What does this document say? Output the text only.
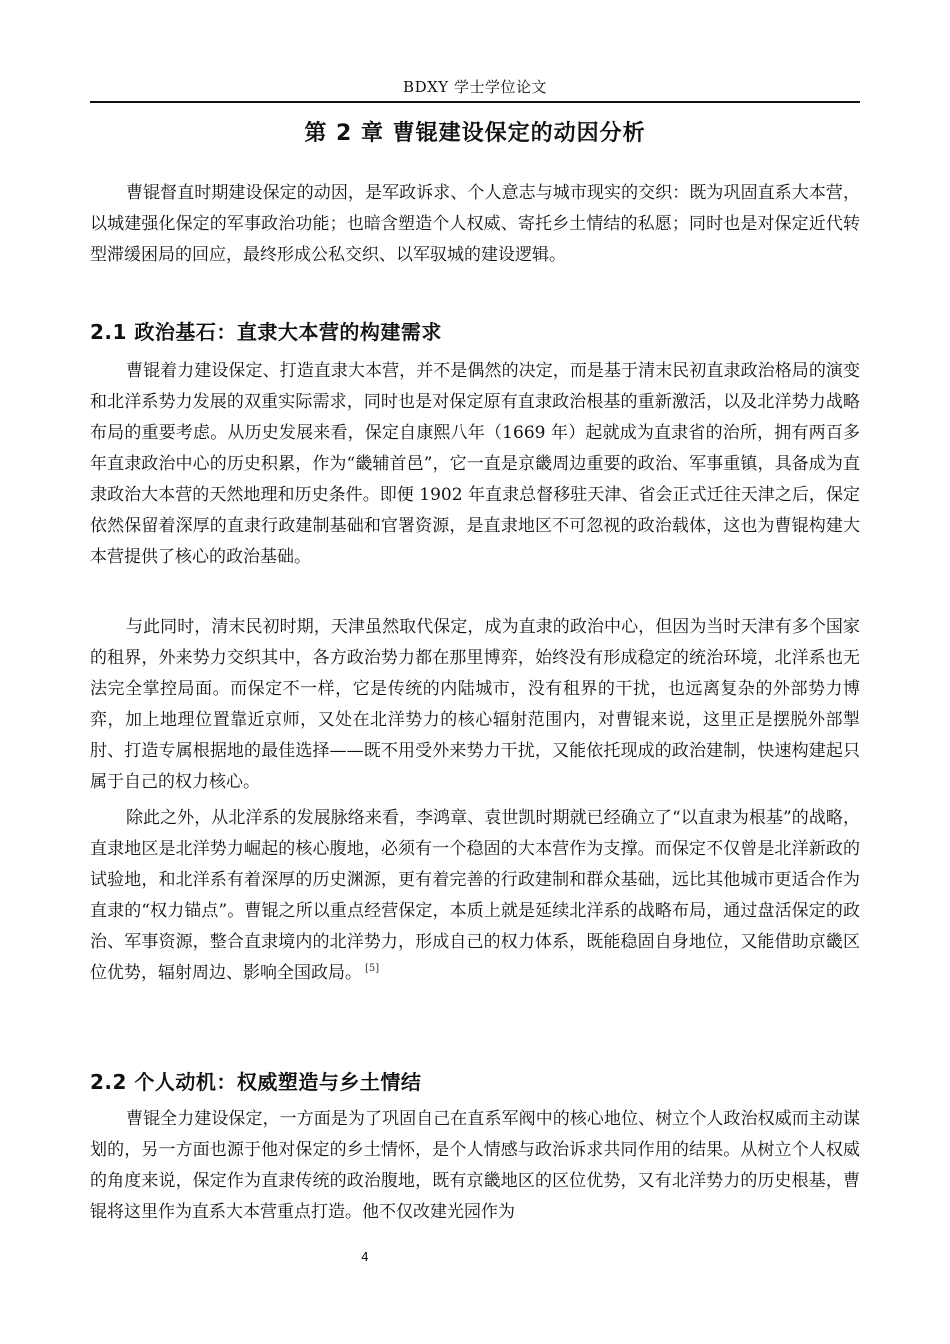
BDXY 学士学位论文
第 2 章 曹锟建设保定的动因分析

曹锟督直时期建设保定的动因，是军政诉求、个人意志与城市现实的交织：既为巩固直系大本营，以城建强化保定的军事政治功能；也暗含塑造个人权威、寄托乡土情结的私愿；同时也是对保定近代转型滞缓困局的回应，最终形成公私交织、以军驭城的建设逻辑。

2.1 政治基石：直隶大本营的构建需求

曹锟着力建设保定、打造直隶大本营，并不是偶然的决定，而是基于清末民初直隶政治格局的演变和北洋系势力发展的双重实际需求，同时也是对保定原有直隶政治根基的重新激活，以及北洋势力战略布局的重要考虑。从历史发展来看，保定自康熙八年（1669 年）起就成为直隶省的治所，拥有两百多年直隶政治中心的历史积累，作为“畿辅首邑”，它一直是京畿周边重要的政治、军事重镇，具备成为直隶政治大本营的天然地理和历史条件。即便 1902 年直隶总督移驻天津、省会正式迁往天津之后，保定依然保留着深厚的直隶行政建制基础和官署资源，是直隶地区不可忽视的政治载体，这也为曹锟构建大本营提供了核心的政治基础。

与此同时，清末民初时期，天津虽然取代保定，成为直隶的政治中心，但因为当时天津有多个国家的租界，外来势力交织其中，各方政治势力都在那里博弈，始终没有形成稳定的统治环境，北洋系也无法完全掌控局面。而保定不一样，它是传统的内陆城市，没有租界的干扰，也远离复杂的外部势力博弈，加上地理位置靠近京师，又处在北洋势力的核心辐射范围内，对曹锟来说，这里正是摆脱外部掣肘、打造专属根据地的最佳选择——既不用受外来势力干扰，又能依托现成的政治建制，快速构建起只属于自己的权力核心。

除此之外，从北洋系的发展脉络来看，李鸿章、袁世凯时期就已经确立了“以直隶为根基”的战略，直隶地区是北洋势力崛起的核心腹地，必须有一个稳固的大本营作为支撑。而保定不仅曾是北洋新政的试验地，和北洋系有着深厚的历史渊源，更有着完善的行政建制和群众基础，远比其他城市更适合作为直隶的“权力锚点”。曹锟之所以重点经营保定，本质上就是延续北洋系的战略布局，通过盘活保定的政治、军事资源，整合直隶境内的北洋势力，形成自己的权力体系，既能稳固自身地位，又能借助京畿区位优势，辐射周边、影响全国政局。 [5]

2.2 个人动机：权威塑造与乡土情结

曹锟全力建设保定，一方面是为了巩固自己在直系军阀中的核心地位、树立个人政治权威而主动谋划的，另一方面也源于他对保定的乡土情怀，是个人情感与政治诉求共同作用的结果。从树立个人权威的角度来说，保定作为直隶传统的政治腹地，既有京畿地区的区位优势，又有北洋势力的历史根基，曹锟将这里作为直系大本营重点打造。他不仅改建光园作为

4
